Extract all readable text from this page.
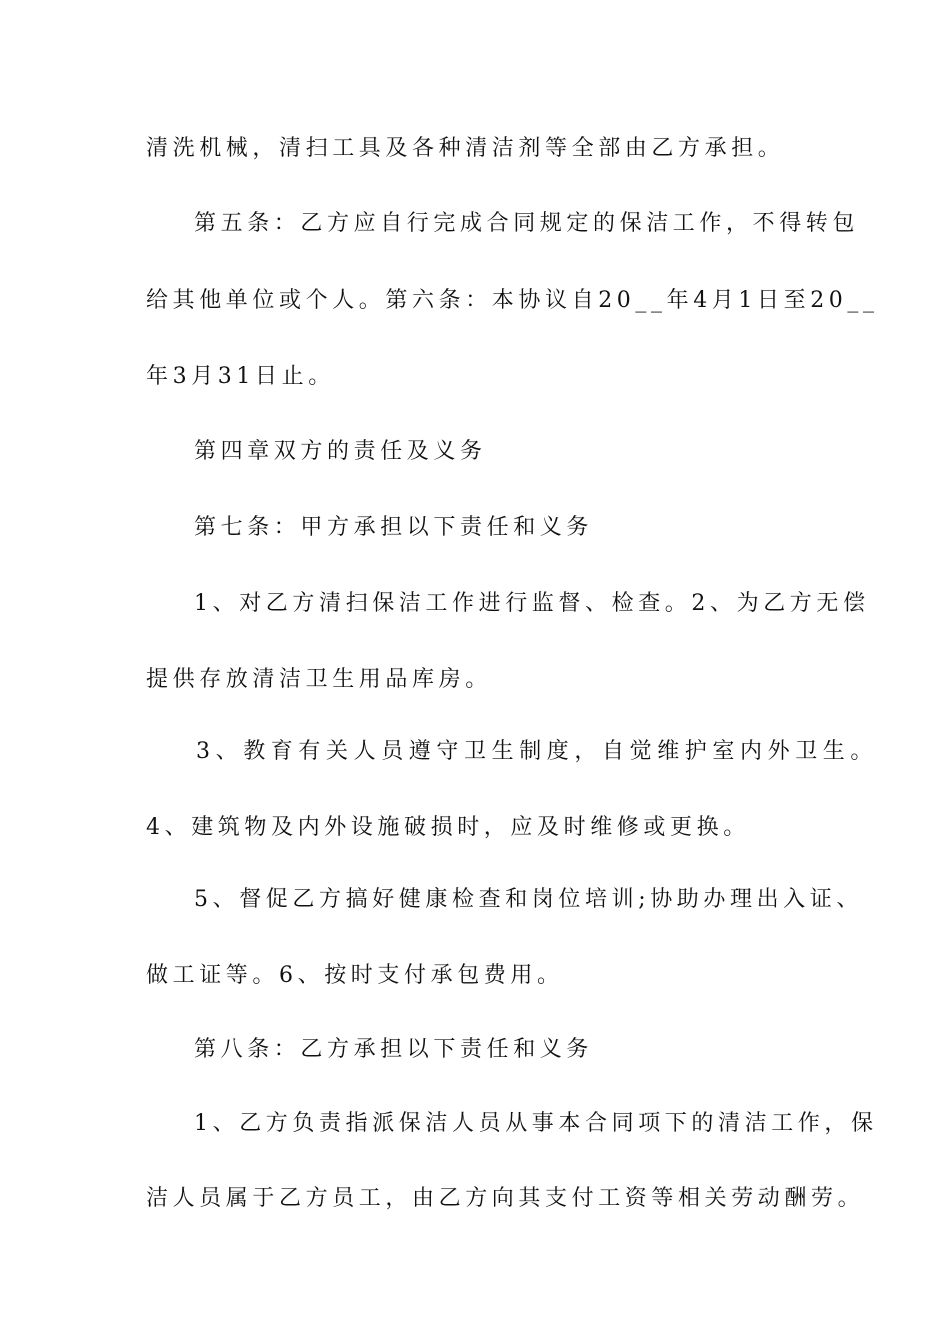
清洗机械，清扫工具及各种清洁剂等全部由乙方承担。
第五条：乙方应自行完成合同规定的保洁工作，不得转包
给其他单位或个人。第六条：本协议自20__年4月1日至20__
年3月31日止。
第四章双方的责任及义务
第七条：甲方承担以下责任和义务
1、对乙方清扫保洁工作进行监督、检查。2、为乙方无偿
提供存放清洁卫生用品库房。
3、教育有关人员遵守卫生制度，自觉维护室内外卫生。
4、建筑物及内外设施破损时，应及时维修或更换。
5、督促乙方搞好健康检查和岗位培训;协助办理出入证、
做工证等。6、按时支付承包费用。
第八条：乙方承担以下责任和义务
1、乙方负责指派保洁人员从事本合同项下的清洁工作，保
洁人员属于乙方员工，由乙方向其支付工资等相关劳动酬劳。
